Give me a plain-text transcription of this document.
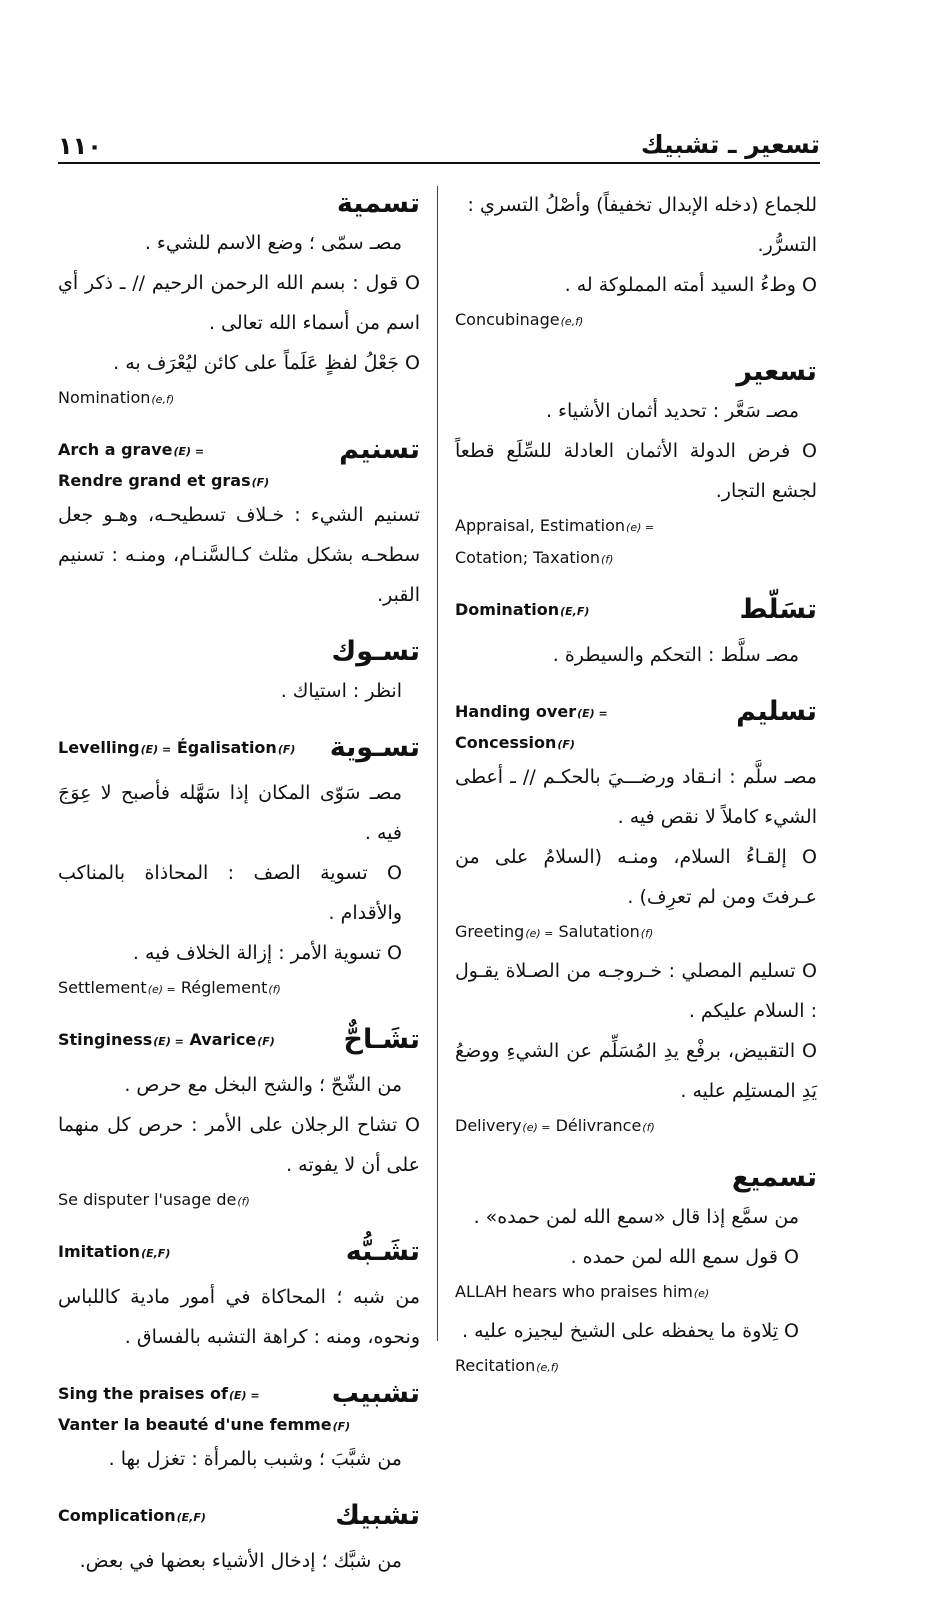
١١٠	تسعير ـ تشبيك

للجماع (دخله الإبدال تخفيفاً) وأصْلُ التسري :

التسرُّر.

O وطءُ السيد أمته المملوكة له .

Concubinage(e,f)
تسعير

مصـ سَعَّر : تحديد أثمان الأشياء .

O فرض الدولة الأثمان العادلة للسِّلَع قطعاً لجشع التجار.

Appraisal, Estimation(e) =
Cotation; Taxation(f)
Domination(E,F)	تسَلّط

مصـ سلَّط : التحكم والسيطرة .

Handing over(E) =
Concession(F)
تسليم

مصـ سلَّم : انـقاد ورضـــيَ بالحكـم // ـ أعطى الشيء كاملاً لا نقص فيه .

O إلقـاءُ السلام، ومنـه (السلامُ على من عـرفتَ ومن لم تعرِف) .

Greeting(e) = Salutation(f)

O تسليم المصلي : خـروجـه من الصـلاة يقـول : السلام عليكم .

O التقبيض، برفْع يدِ المُسَلِّم عن الشيءِ ووضعُ يَدِ المستلِم عليه .

Delivery(e) = Délivrance(f)
تسميع

من سمَّع إذا قال «سمع الله لمن حمده» .

O قول سمع الله لمن حمده .

ALLAH hears who praises him(e)

O تِلاوة ما يحفظه على الشيخ ليجيزه عليه .

Recitation(e,f)
تسمية

مصـ سمّى ؛ وضع الاسم للشيء .

O قول : بسم الله الرحمن الرحيم // ـ ذكر أي اسم من أسماء الله تعالى .

O جَعْلُ لفظٍ عَلَماً على كائن ليُعْرَف به .

Nomination(e,f)
Arch a grave(E) =
Rendre grand et gras(F)
تسنيم

تسنيم الشيء : خـلاف تسطيحـه، وهـو جعل سطحـه بشكل مثلث كـالسَّنـام، ومنـه : تسنيم القبر.

تسـوك

انظر : استياك .

Levelling(E) = Égalisation(F) تسـوية

مصـ سَوّى المكان إذا سَهَّله فأصبح لا عِوَجَ فيه .

O تسوية الصف : المحاذاة بالمناكب والأقدام .

O تسوية الأمر : إزالة الخلاف فيه .

Settlement(e) = Réglement(f)
Stinginess(E) = Avarice(F)	تشَـاحٌّ

من الشّحّ ؛ والشح البخل مع حرص .

O تشاح الرجلان على الأمر : حرص كل منهما على أن لا يفوته .

Se disputer l'usage de(f)
Imitation(E,F)	تشَـبُّه

من شبه ؛ المحاكاة في أمور مادية كاللباس ونحوه، ومنه : كراهة التشبه بالفساق .

Sing the praises of(E) =
Vanter la beauté d'une femme(F)
تشبيب

من شبَّبَ ؛ وشبب بالمرأة : تغزل بها .

Complication(E,F)	تشبيك

من شبَّك ؛ إدخال الأشياء بعضها في بعض.
